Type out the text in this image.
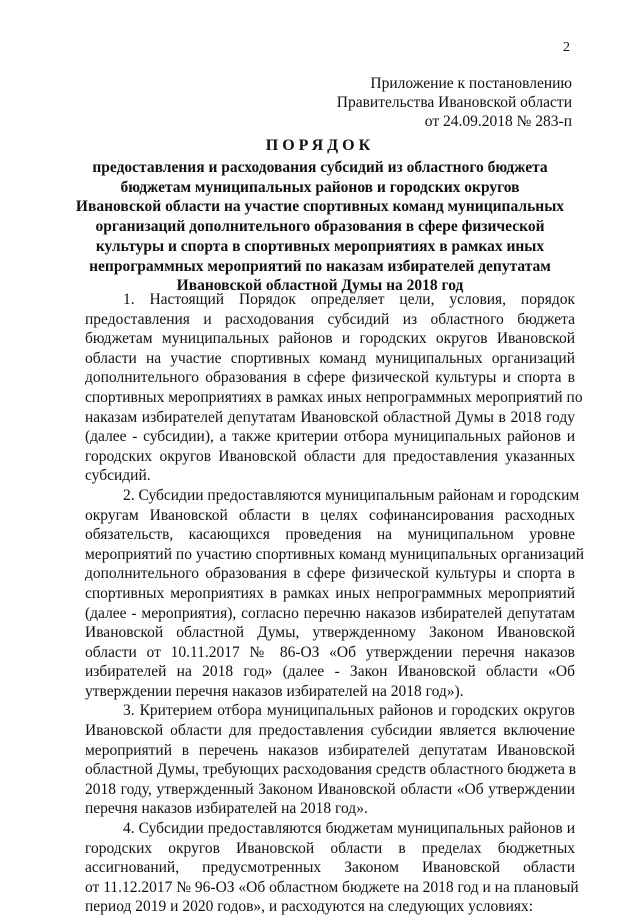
2
Приложение к постановлению
Правительства Ивановской области
от 24.09.2018 № 283-п
ПОРЯДОК
предоставления и расходования субсидий из областного бюджета
бюджетам муниципальных районов и городских округов
Ивановской области на участие спортивных команд муниципальных
организаций дополнительного образования в сфере физической
культуры и спорта в спортивных мероприятиях в рамках иных
непрограммных мероприятий по наказам избирателей депутатам
Ивановской областной Думы на 2018 год
1. Настоящий Порядок определяет цели, условия, порядок
предоставления и расходования субсидий из областного бюджета
бюджетам муниципальных районов и городских округов Ивановской
области на участие спортивных команд муниципальных организаций
дополнительного образования в сфере физической культуры и спорта в
спортивных мероприятиях в рамках иных непрограммных мероприятий по
наказам избирателей депутатам Ивановской областной Думы в 2018 году
(далее - субсидии), а также критерии отбора муниципальных районов и
городских округов Ивановской области для предоставления указанных
субсидий.
2. Субсидии предоставляются муниципальным районам и городским
округам Ивановской области в целях софинансирования расходных
обязательств, касающихся проведения на муниципальном уровне
мероприятий по участию спортивных команд муниципальных организаций
дополнительного образования в сфере физической культуры и спорта в
спортивных мероприятиях в рамках иных непрограммных мероприятий
(далее - мероприятия), согласно перечню наказов избирателей депутатам
Ивановской областной Думы, утвержденному Законом Ивановской
области от 10.11.2017 № 86-ОЗ «Об утверждении перечня наказов
избирателей на 2018 год» (далее - Закон Ивановской области «Об
утверждении перечня наказов избирателей на 2018 год»).
3. Критерием отбора муниципальных районов и городских округов
Ивановской области для предоставления субсидии является включение
мероприятий в перечень наказов избирателей депутатам Ивановской
областной Думы, требующих расходования средств областного бюджета в
2018 году, утвержденный Законом Ивановской области «Об утверждении
перечня наказов избирателей на 2018 год».
4. Субсидии предоставляются бюджетам муниципальных районов и
городских округов Ивановской области в пределах бюджетных
ассигнований, предусмотренных Законом Ивановской области
от 11.12.2017 № 96-ОЗ «Об областном бюджете на 2018 год и на плановый
период 2019 и 2020 годов», и расходуются на следующих условиях:
